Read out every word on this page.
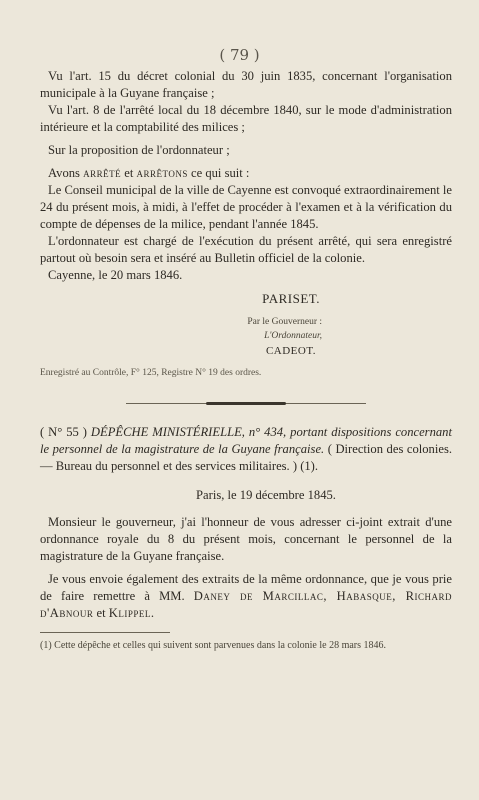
( 79 )

Vu l'art. 15 du décret colonial du 30 juin 1835, concernant l'organisation municipale à la Guyane française ;

Vu l'art. 8 de l'arrêté local du 18 décembre 1840, sur le mode d'administration intérieure et la comptabilité des milices ;

Sur la proposition de l'ordonnateur ;

Avons arrêté et arrêtons ce qui suit :

Le Conseil municipal de la ville de Cayenne est convoqué extraordinairement le 24 du présent mois, à midi, à l'effet de procéder à l'examen et à la vérification du compte de dépenses de la milice, pendant l'année 1845.

L'ordonnateur est chargé de l'exécution du présent arrêté, qui sera enregistré partout où besoin sera et inséré au Bulletin officiel de la colonie.

Cayenne, le 20 mars 1846.

PARISET.

Par le Gouverneur :

L'Ordonnateur,

CADEOT.

Enregistré au Contrôle, F° 125, Registre N° 19 des ordres.

( N° 55 ) DÉPÊCHE MINISTÉRIELLE, n° 434, portant dispositions concernant le personnel de la magistrature de la Guyane française. ( Direction des colonies. — Bureau du personnel et des services militaires. ) (1).

Paris, le 19 décembre 1845.

Monsieur le gouverneur, j'ai l'honneur de vous adresser ci-joint extrait d'une ordonnance royale du 8 du présent mois, concernant le personnel de la magistrature de la Guyane française.

Je vous envoie également des extraits de la même ordonnance, que je vous prie de faire remettre à MM. Daney de Marcillac, Habasque, Richard d'Abnour et Klippel.

(1) Cette dépêche et celles qui suivent sont parvenues dans la colonie le 28 mars 1846.
